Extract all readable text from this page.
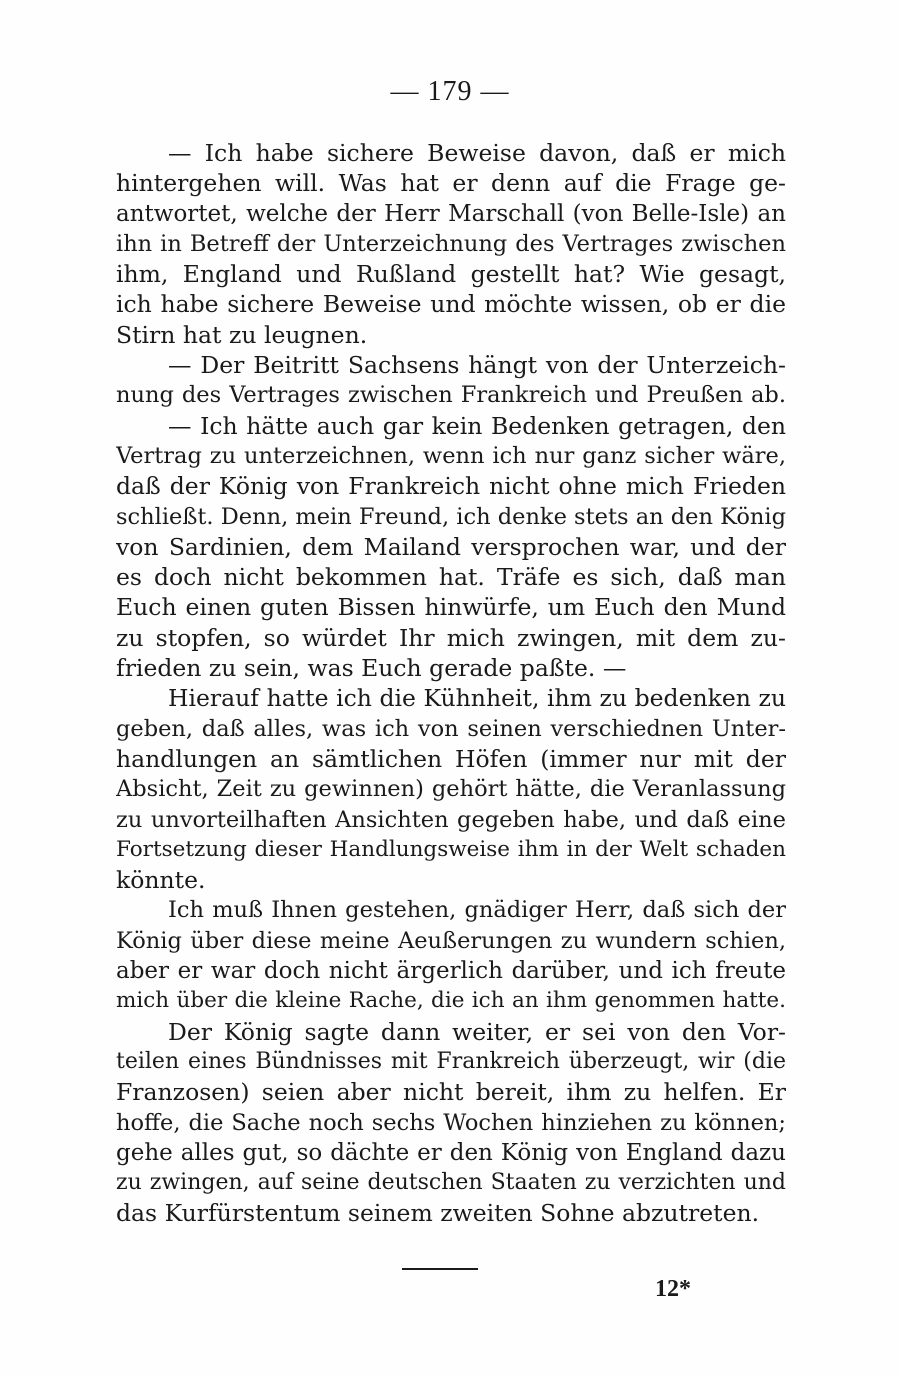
— 179 —
— Ich habe sichere Beweise davon, daß er mich
hintergehen will. Was hat er denn auf die Frage ge-
antwortet, welche der Herr Marschall (von Belle-Isle) an
ihn in Betreff der Unterzeichnung des Vertrages zwischen
ihm, England und Rußland gestellt hat? Wie gesagt,
ich habe sichere Beweise und möchte wissen, ob er die
Stirn hat zu leugnen.
— Der Beitritt Sachsens hängt von der Unterzeich-
nung des Vertrages zwischen Frankreich und Preußen ab.
— Ich hätte auch gar kein Bedenken getragen, den
Vertrag zu unterzeichnen, wenn ich nur ganz sicher wäre,
daß der König von Frankreich nicht ohne mich Frieden
schließt. Denn, mein Freund, ich denke stets an den König
von Sardinien, dem Mailand versprochen war, und der
es doch nicht bekommen hat. Träfe es sich, daß man
Euch einen guten Bissen hinwürfe, um Euch den Mund
zu stopfen, so würdet Ihr mich zwingen, mit dem zu-
frieden zu sein, was Euch gerade paßte. —
Hierauf hatte ich die Kühnheit, ihm zu bedenken zu
geben, daß alles, was ich von seinen verschiednen Unter-
handlungen an sämtlichen Höfen (immer nur mit der
Absicht, Zeit zu gewinnen) gehört hätte, die Veranlassung
zu unvorteilhaften Ansichten gegeben habe, und daß eine
Fortsetzung dieser Handlungsweise ihm in der Welt schaden
könnte.
Ich muß Ihnen gestehen, gnädiger Herr, daß sich der
König über diese meine Aeußerungen zu wundern schien,
aber er war doch nicht ärgerlich darüber, und ich freute
mich über die kleine Rache, die ich an ihm genommen hatte.
Der König sagte dann weiter, er sei von den Vor-
teilen eines Bündnisses mit Frankreich überzeugt, wir (die
Franzosen) seien aber nicht bereit, ihm zu helfen. Er
hoffe, die Sache noch sechs Wochen hinziehen zu können;
gehe alles gut, so dächte er den König von England dazu
zu zwingen, auf seine deutschen Staaten zu verzichten und
das Kurfürstentum seinem zweiten Sohne abzutreten.
12*
